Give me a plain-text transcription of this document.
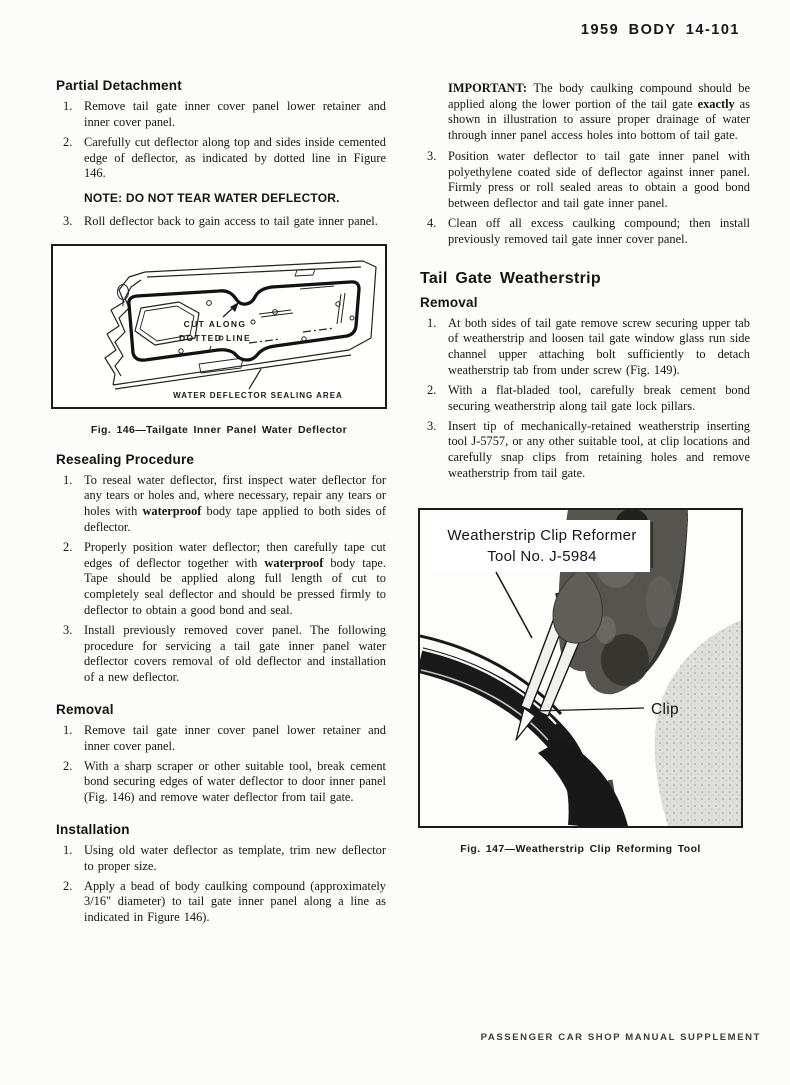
1959 BODY 14-101
Partial Detachment
1. Remove tail gate inner cover panel lower retainer and inner cover panel.
2. Carefully cut deflector along top and sides inside cemented edge of deflector, as indicated by dotted line in Figure 146.
NOTE: DO NOT TEAR WATER DEFLECTOR.
3. Roll deflector back to gain access to tail gate inner panel.
CUT ALONG
DOTTED LINE
WATER DEFLECTOR SEALING AREA
Fig. 146—Tailgate Inner Panel Water Deflector
Resealing Procedure
1. To reseal water deflector, first inspect water deflector for any tears or holes and, where necessary, repair any tears or holes with waterproof body tape applied to both sides of deflector.
2. Properly position water deflector; then carefully tape cut edges of deflector together with waterproof body tape. Tape should be applied along full length of cut to completely seal deflector and should be pressed firmly to deflector to obtain a good bond and seal.
3. Install previously removed cover panel. The following procedure for servicing a tail gate inner panel water deflector covers removal of old deflector and installation of a new deflector.
Removal
1. Remove tail gate inner cover panel lower retainer and inner cover panel.
2. With a sharp scraper or other suitable tool, break cement bond securing edges of water deflector to door inner panel (Fig. 146) and remove water deflector from tail gate.
Installation
1. Using old water deflector as template, trim new deflector to proper size.
2. Apply a bead of body caulking compound (approximately 3/16" diameter) to tail gate inner panel along a line as indicated in Figure 146).
IMPORTANT: The body caulking compound should be applied along the lower portion of the tail gate exactly as shown in illustration to assure proper drainage of water through inner panel access holes into bottom of tail gate.
3. Position water deflector to tail gate inner panel with polyethylene coated side of deflector against inner panel. Firmly press or roll sealed areas to obtain a good bond between deflector and tail gate inner panel.
4. Clean off all excess caulking compound; then install previously removed tail gate inner cover panel.
Tail Gate Weatherstrip
Removal
1. At both sides of tail gate remove screw securing upper tab of weatherstrip and loosen tail gate window glass run side channel upper attaching bolt sufficiently to detach weatherstrip tab from under screw (Fig. 149).
2. With a flat-bladed tool, carefully break cement bond securing weatherstrip along tail gate lock pillars.
3. Insert tip of mechanically-retained weatherstrip inserting tool J-5757, or any other suitable tool, at clip locations and carefully snap clips from retaining holes and remove weatherstrip from tail gate.
Weatherstrip Clip Reformer
Tool No. J-5984
Clip
Fig. 147—Weatherstrip Clip Reforming Tool
PASSENGER CAR SHOP MANUAL SUPPLEMENT
